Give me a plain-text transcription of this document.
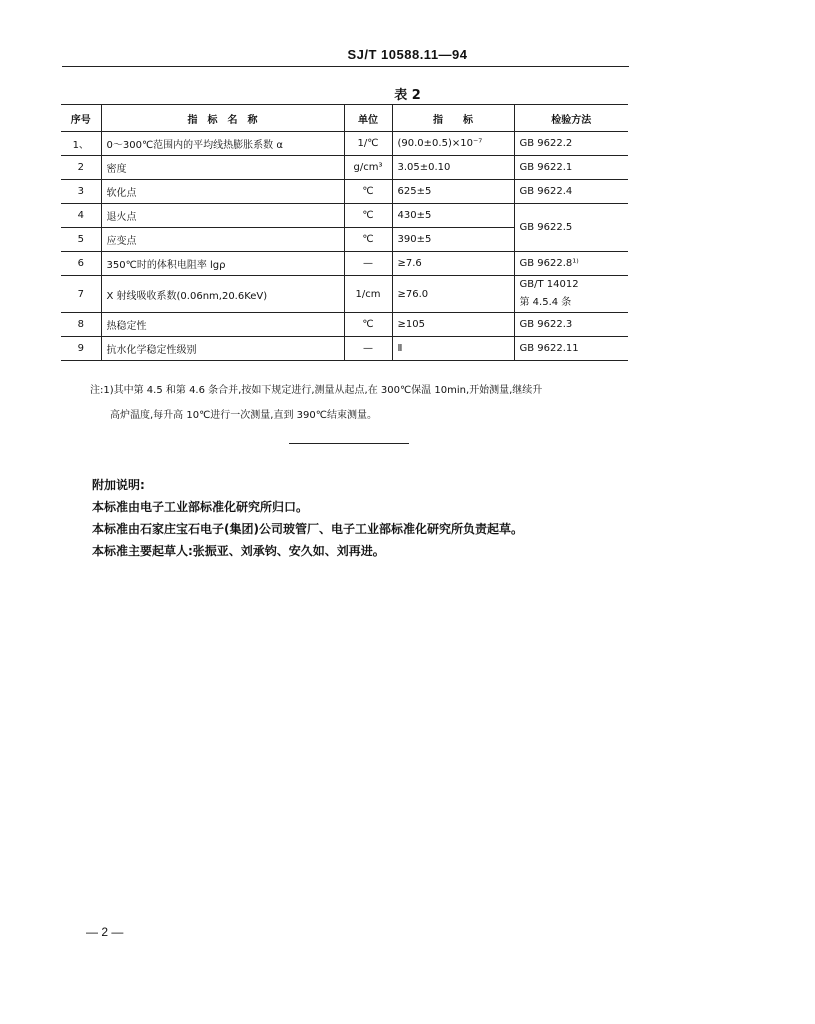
SJ/T 10588.11—94
表 2
序号	指　标　名　称	单位	指　　标	检验方法
1、	0～300℃范围内的平均线热膨胀系数 α	1/℃	(90.0±0.5)×10⁻⁷	GB 9622.2
2	密度	g/cm³	3.05±0.10	GB 9622.1
3	软化点	℃	625±5	GB 9622.4
4	退火点	℃	430±5	GB 9622.5
5	应变点	℃	390±5	
6	350℃时的体积电阻率 lgρ	—	≥7.6	GB 9622.8¹⁾
7	X 射线吸收系数(0.06nm,20.6KeV)	1/cm	≥76.0	GB/T 14012
第 4.5.4 条

8	热稳定性	℃	≥105	GB 9622.3
9	抗水化学稳定性级别	—	Ⅱ	GB 9622.11
注:1)其中第 4.5 和第 4.6 条合并,按如下规定进行,测量从起点,在 300℃保温 10min,开始测量,继续升
高炉温度,每升高 10℃进行一次测量,直到 390℃结束测量。
附加说明:
本标准由电子工业部标准化研究所归口。
本标准由石家庄宝石电子(集团)公司玻管厂、电子工业部标准化研究所负责起草。
本标准主要起草人:张振亚、刘承钧、安久如、刘再进。
— 2 —
